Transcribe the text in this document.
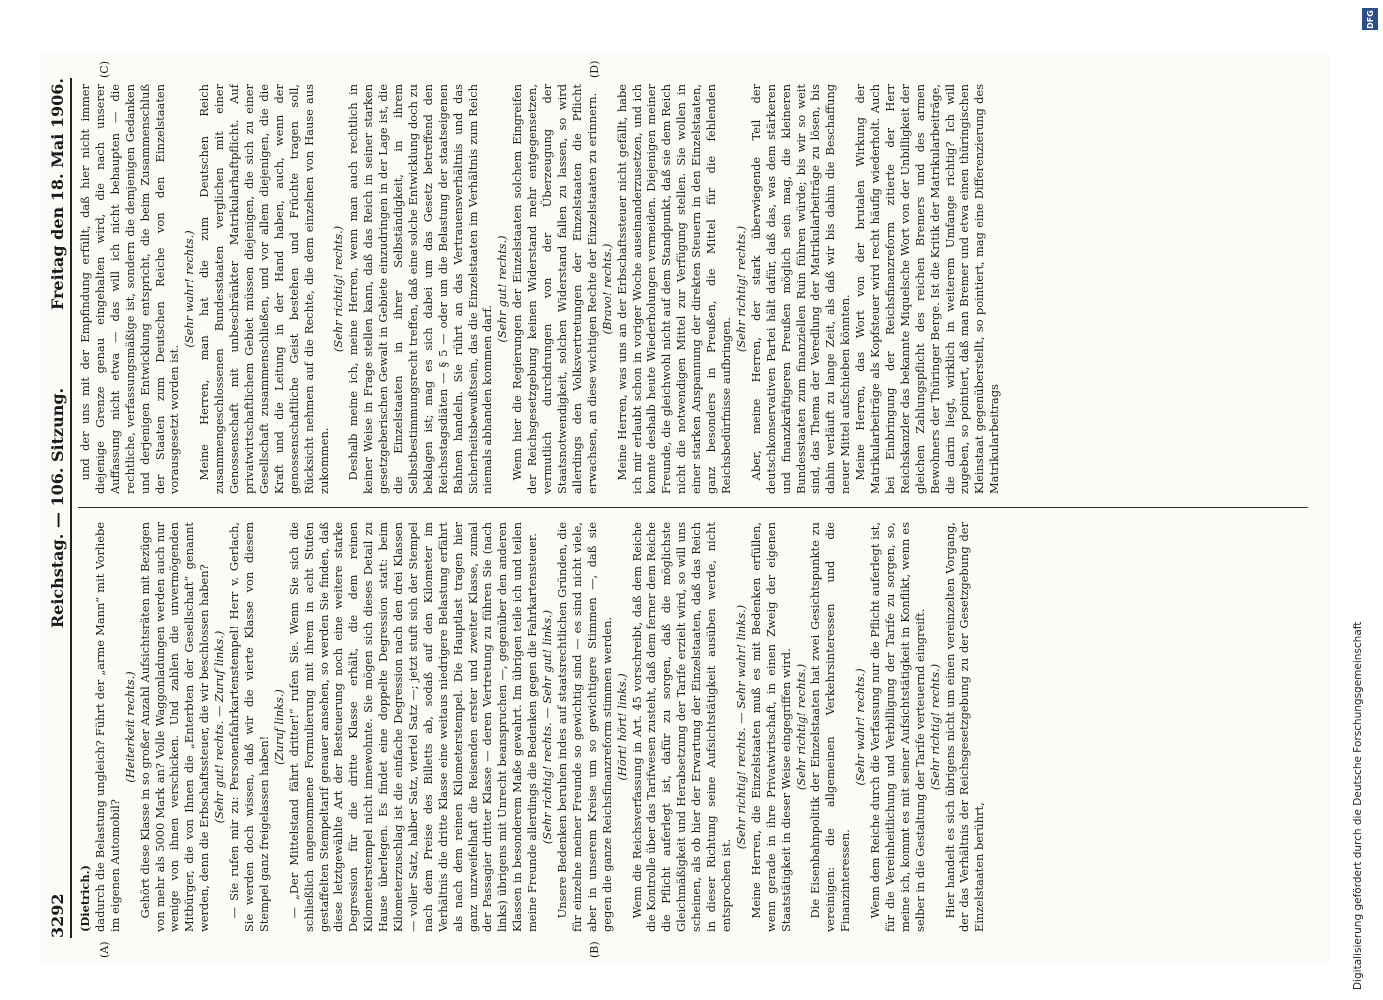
3292
Reichstag. — 106. Sitzung.
Freitag den 18. Mai 1906.
(A)	(B)
(C)	(D)

(Dietrich.) dadurch die Belastung ungleich? Führt der „arme Mann“ mit Vorliebe im eigenen Automobil?

(Heiterkeit rechts.) Gehört diese Klasse in so großer Anzahl Aufsichtsräten mit Bezügen von mehr als 5000 Mark an? Volle Waggonladungen werden auch nur wenige von ihnen verschicken. Und zahlen die unvermögenden Mitbürger, die von Ihnen die „Enterbten der Gesellschaft“ genannt werden, denn die Erbschaftssteuer, die wir beschlossen haben? (Sehr gut! rechts. — Zuruf links.) — Sie rufen mir zu: Personenfahrkartenstempel! Herr v. Gerlach, Sie werden doch wissen, daß wir die vierte Klasse von diesem Stempel ganz freigelassen haben!

(Zuruf links.) — „Der Mittelstand fährt dritter!“ rufen Sie. Wenn Sie sich die schließlich angenommene Formulierung mit ihrem in acht Stufen gestaffelten Stempeltarif genauer ansehen, so werden Sie finden, daß diese letztgewählte Art der Besteuerung noch eine weitere starke Degression für die dritte Klasse erhält, die dem reinen Kilometerstempel nicht innewohnte. Sie mögen sich dieses Detail zu Hause überlegen. Es findet eine doppelte Degression statt: beim Kilometerzuschlag ist die einfache Degression nach den drei Klassen — voller Satz, halber Satz, viertel Satz —; jetzt stuft sich der Stempel nach dem Preise des Billetts ab, sodaß auf den Kilometer im Verhältnis die dritte Klasse eine weitaus niedrigere Belastung erfährt als nach dem reinen Kilometerstempel. Die Hauptlast tragen hier ganz unzweifelhaft die Reisenden erster und zweiter Klasse, zumal der Passagier dritter Klasse — deren Vertretung zu führen Sie (nach links) übrigens mit Unrecht beanspruchen —, gegenüber den anderen Klassen in besonderem Maße gewahrt. Im übrigen teile ich und teilen meine Freunde allerdings die Bedenken gegen die Fahrkartensteuer. (Sehr richtig! rechts. — Sehr gut! links.) Unsere Bedenken beruhen indes auf staatsrechtlichen Gründen, die für einzelne meiner Freunde so gewichtig sind — es sind nicht viele, aber in unserem Kreise um so gewichtigere Stimmen —, daß sie gegen die ganze Reichsfinanzreform stimmen werden. (Hört! hört! links.) Wenn die Reichsverfassung in Art. 45 vorschreibt, daß dem Reiche die Kontrolle über das Tarifwesen zusteht, daß dem ferner dem Reiche die Pflicht auferlegt ist, dafür zu sorgen, daß die möglichste Gleichmäßigkeit und Herabsetzung der Tarife erzielt wird, so will uns scheinen, als ob hier der Erwartung der Einzelstaaten, daß das Reich in dieser Richtung seine Aufsichtstätigkeit ausüben werde, nicht entsprochen ist.

(Sehr richtig! rechts. — Sehr wahr! links.) Meine Herren, die Einzelstaaten muß es mit Bedenken erfüllen, wenn gerade in ihre Privatwirtschaft, in einen Zweig der eigenen Staatstätigkeit in dieser Weise eingegriffen wird. (Sehr richtig! rechts.) Die Eisenbahnpolitik der Einzelstaaten hat zwei Gesichtspunkte zu vereinigen: die allgemeinen Verkehrsinteressen und die Finanzinteressen.

(Sehr wahr! rechts.) Wenn dem Reiche durch die Verfassung nur die Pflicht auferlegt ist, für die Vereinheitlichung und Verbilligung der Tarife zu sorgen, so, meine ich, kommt es mit seiner Aufsichtstätigkeit in Konflikt, wenn es selber in die Gestaltung der Tarife verteuernd eingreift. (Sehr richtig! rechts.) Hier handelt es sich übrigens nicht um einen vereinzelten Vorgang, der das Verhältnis der Reichsgesetzgebung zu der Gesetzgebung der Einzelstaaten berührt,

und der uns mit der Empfindung erfüllt, daß hier nicht immer diejenige Grenze genau eingehalten wird, die nach unserer Auffassung nicht etwa — das will ich nicht behaupten — die rechtliche, verfassungsmäßige ist, sondern die demjenigen Gedanken und derjenigen Entwicklung entspricht, die beim Zusammenschluß der Staaten zum Deutschen Reiche von den Einzelstaaten vorausgesetzt worden ist.

(Sehr wahr! rechts.) Meine Herren, man hat die zum Deutschen Reich zusammengeschlossenen Bundesstaaten verglichen mit einer Genossenschaft mit unbeschränkter Matrikularhaftpflicht. Auf privatwirtschaftlichem Gebiet müssen diejenigen, die sich zu einer Gesellschaft zusammenschließen, und vor allem diejenigen, die die Kraft und die Leitung in der Hand haben, auch, wenn der genossenschaftliche Geist bestehen und Früchte tragen soll, Rücksicht nehmen auf die Rechte, die dem einzelnen von Hause aus zukommen.

(Sehr richtig! rechts.) Deshalb meine ich, meine Herren, wenn man auch rechtlich in keiner Weise in Frage stellen kann, daß das Reich in seiner starken gesetzgeberischen Gewalt in Gebiete einzudringen in der Lage ist, die die Einzelstaaten in ihrer Selbständigkeit, in ihrem Selbstbestimmungsrecht treffen, daß eine solche Entwicklung doch zu beklagen ist; mag es sich dabei um das Gesetz betreffend den Reichsstagsdiäten — § 5 — oder um die Belastung der staatseigenen Bahnen handeln. Sie rührt an das Vertrauensverhältnis und das Sicherheitsbewußtsein, das die Einzelstaaten im Verhältnis zum Reich niemals abhanden kommen darf.

(Sehr gut! rechts.) Wenn hier die Regierungen der Einzelstaaten solchem Eingreifen der Reichsgesetzgebung keinen Widerstand mehr entgegensetzen, vermutlich durchdrungen von der Überzeugung der Staatsnotwendigkeit, solchen Widerstand fallen zu lassen, so wird allerdings den Volksvertretungen der Einzelstaaten die Pflicht erwachsen, an diese wichtigen Rechte der Einzelstaaten zu erinnern. (Bravo! rechts.) Meine Herren, was uns an der Erbschaftssteuer nicht gefällt, habe ich mir erlaubt schon in voriger Woche auseinanderzusetzen, und ich konnte deshalb heute Wiederholungen vermeiden. Diejenigen meiner Freunde, die gleichwohl nicht auf dem Standpunkt, daß sie dem Reich nicht die notwendigen Mittel zur Verfügung stellen. Sie wollen in einer starken Anspannung der direkten Steuern in den Einzelstaaten, ganz besonders in Preußen, die Mittel für die fehlenden Reichsbedürfnisse aufbringen.

(Sehr richtig! rechts.) Aber, meine Herren, der stark überwiegende Teil der deutschkonservativen Partei hält dafür, daß das, was dem stärkeren und finanzkräftigeren Preußen möglich sein mag, die kleineren Bundesstaaten zum finanziellen Ruin führen würde; bis wir so weit sind, das Thema der Veredlung der Matrikularbeiträge zu lösen, bis dahin verläuft zu lange Zeit, als daß wir bis dahin die Beschaffung neuer Mittel aufschieben könnten. Meine Herren, das Wort von der brutalen Wirkung der Matrikularbeiträge als Kopfsteuer wird recht häufig wiederholt. Auch bei Einbringung der Reichsfinanzreform zitierte der Herr Reichskanzler das bekannte Miquelsche Wort von der Unbilligkeit der gleichen Zahlungspflicht des reichen Bremers und des armen Bewohners der Thüringer Berge. Ist die Kritik der Matrikularbeiträge, die darin liegt, wirklich in weiterem Umfange richtig? Ich will zugeben, so pointiert, daß man Bremer und etwa einen thüringischen Kleinstaat gegenüberstellt, so pointiert, mag eine Differenzierung des Matrikularbeitrags

Digitalisierung gefördert durch die Deutsche Forschungsgemeinschaft
DFG
